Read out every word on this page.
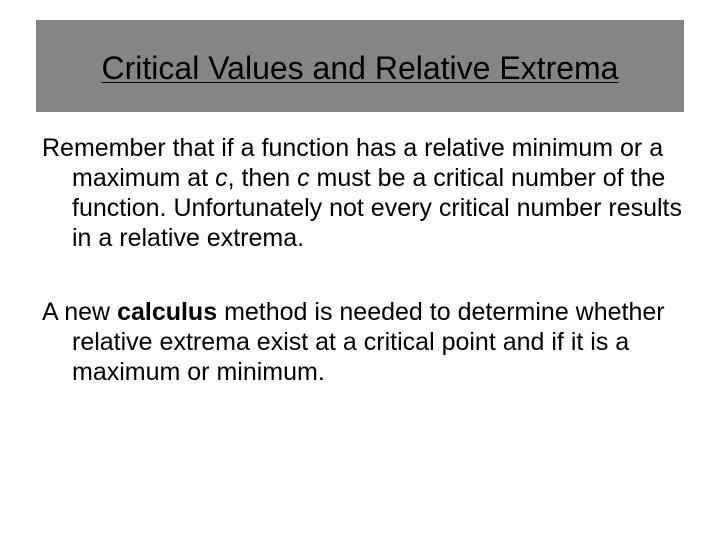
Critical Values and Relative Extrema

Remember that if a function has a relative minimum or a maximum at c, then c must be a critical number of the function. Unfortunately not every critical number results in a relative extrema.

A new calculus method is needed to determine whether relative extrema exist at a critical point and if it is a maximum or minimum.
